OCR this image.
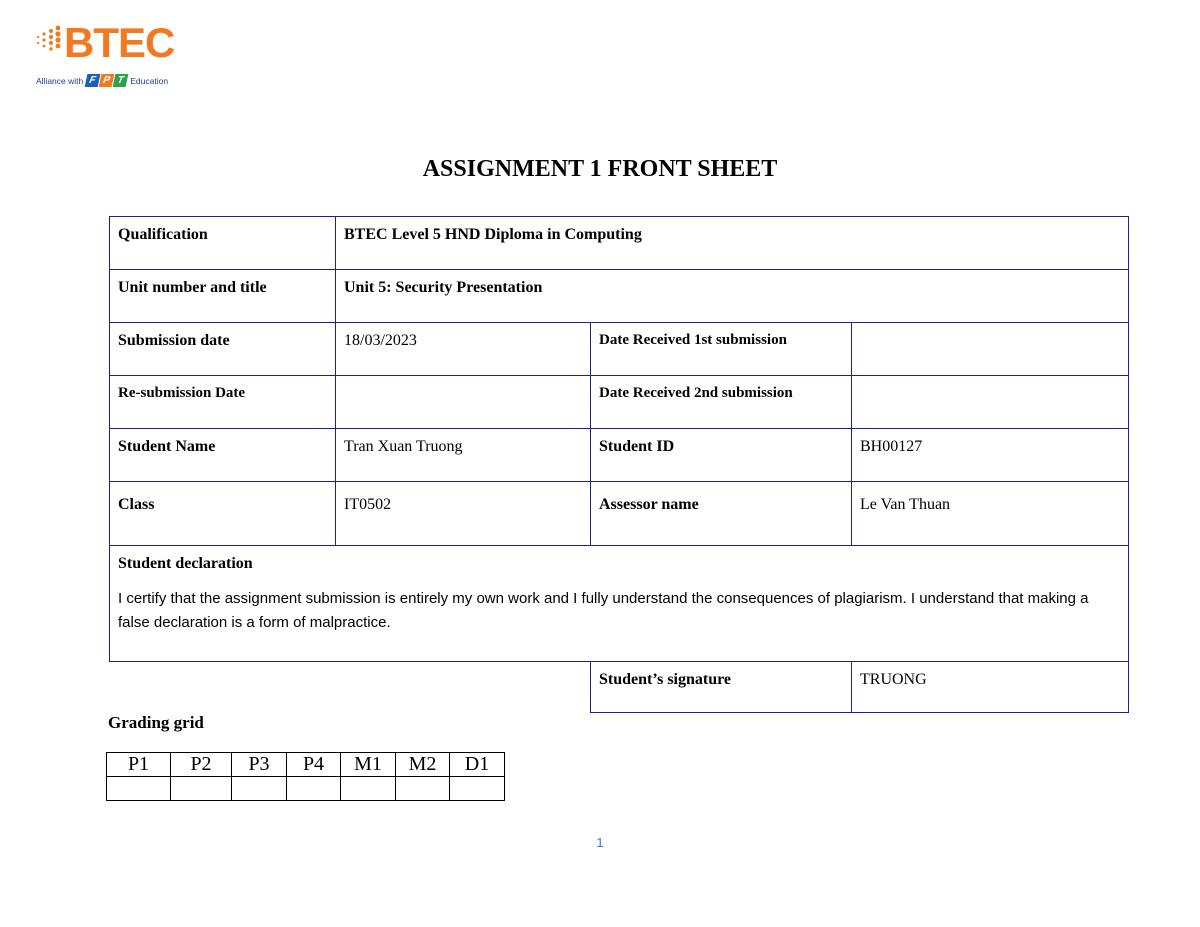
BTEC
Alliance with F P T Education
ASSIGNMENT 1 FRONT SHEET
Qualification	BTEC Level 5 HND Diploma in Computing		
Unit number and title	Unit 5: Security Presentation		
Submission date	18/03/2023	Date Received 1st submission	
Re-submission Date		Date Received 2nd submission	
Student Name	Tran Xuan Truong	Student ID	BH00127
Class	IT0502	Assessor name	Le Van Thuan

Student declaration
I certify that the assignment submission is entirely my own work and I fully understand the consequences of plagiarism. I understand that making a false declaration is a form of malpractice.			

		Student’s signature	TRUONG
Grading grid
P1	P2	P3	P4	M1	M2	D1

1
